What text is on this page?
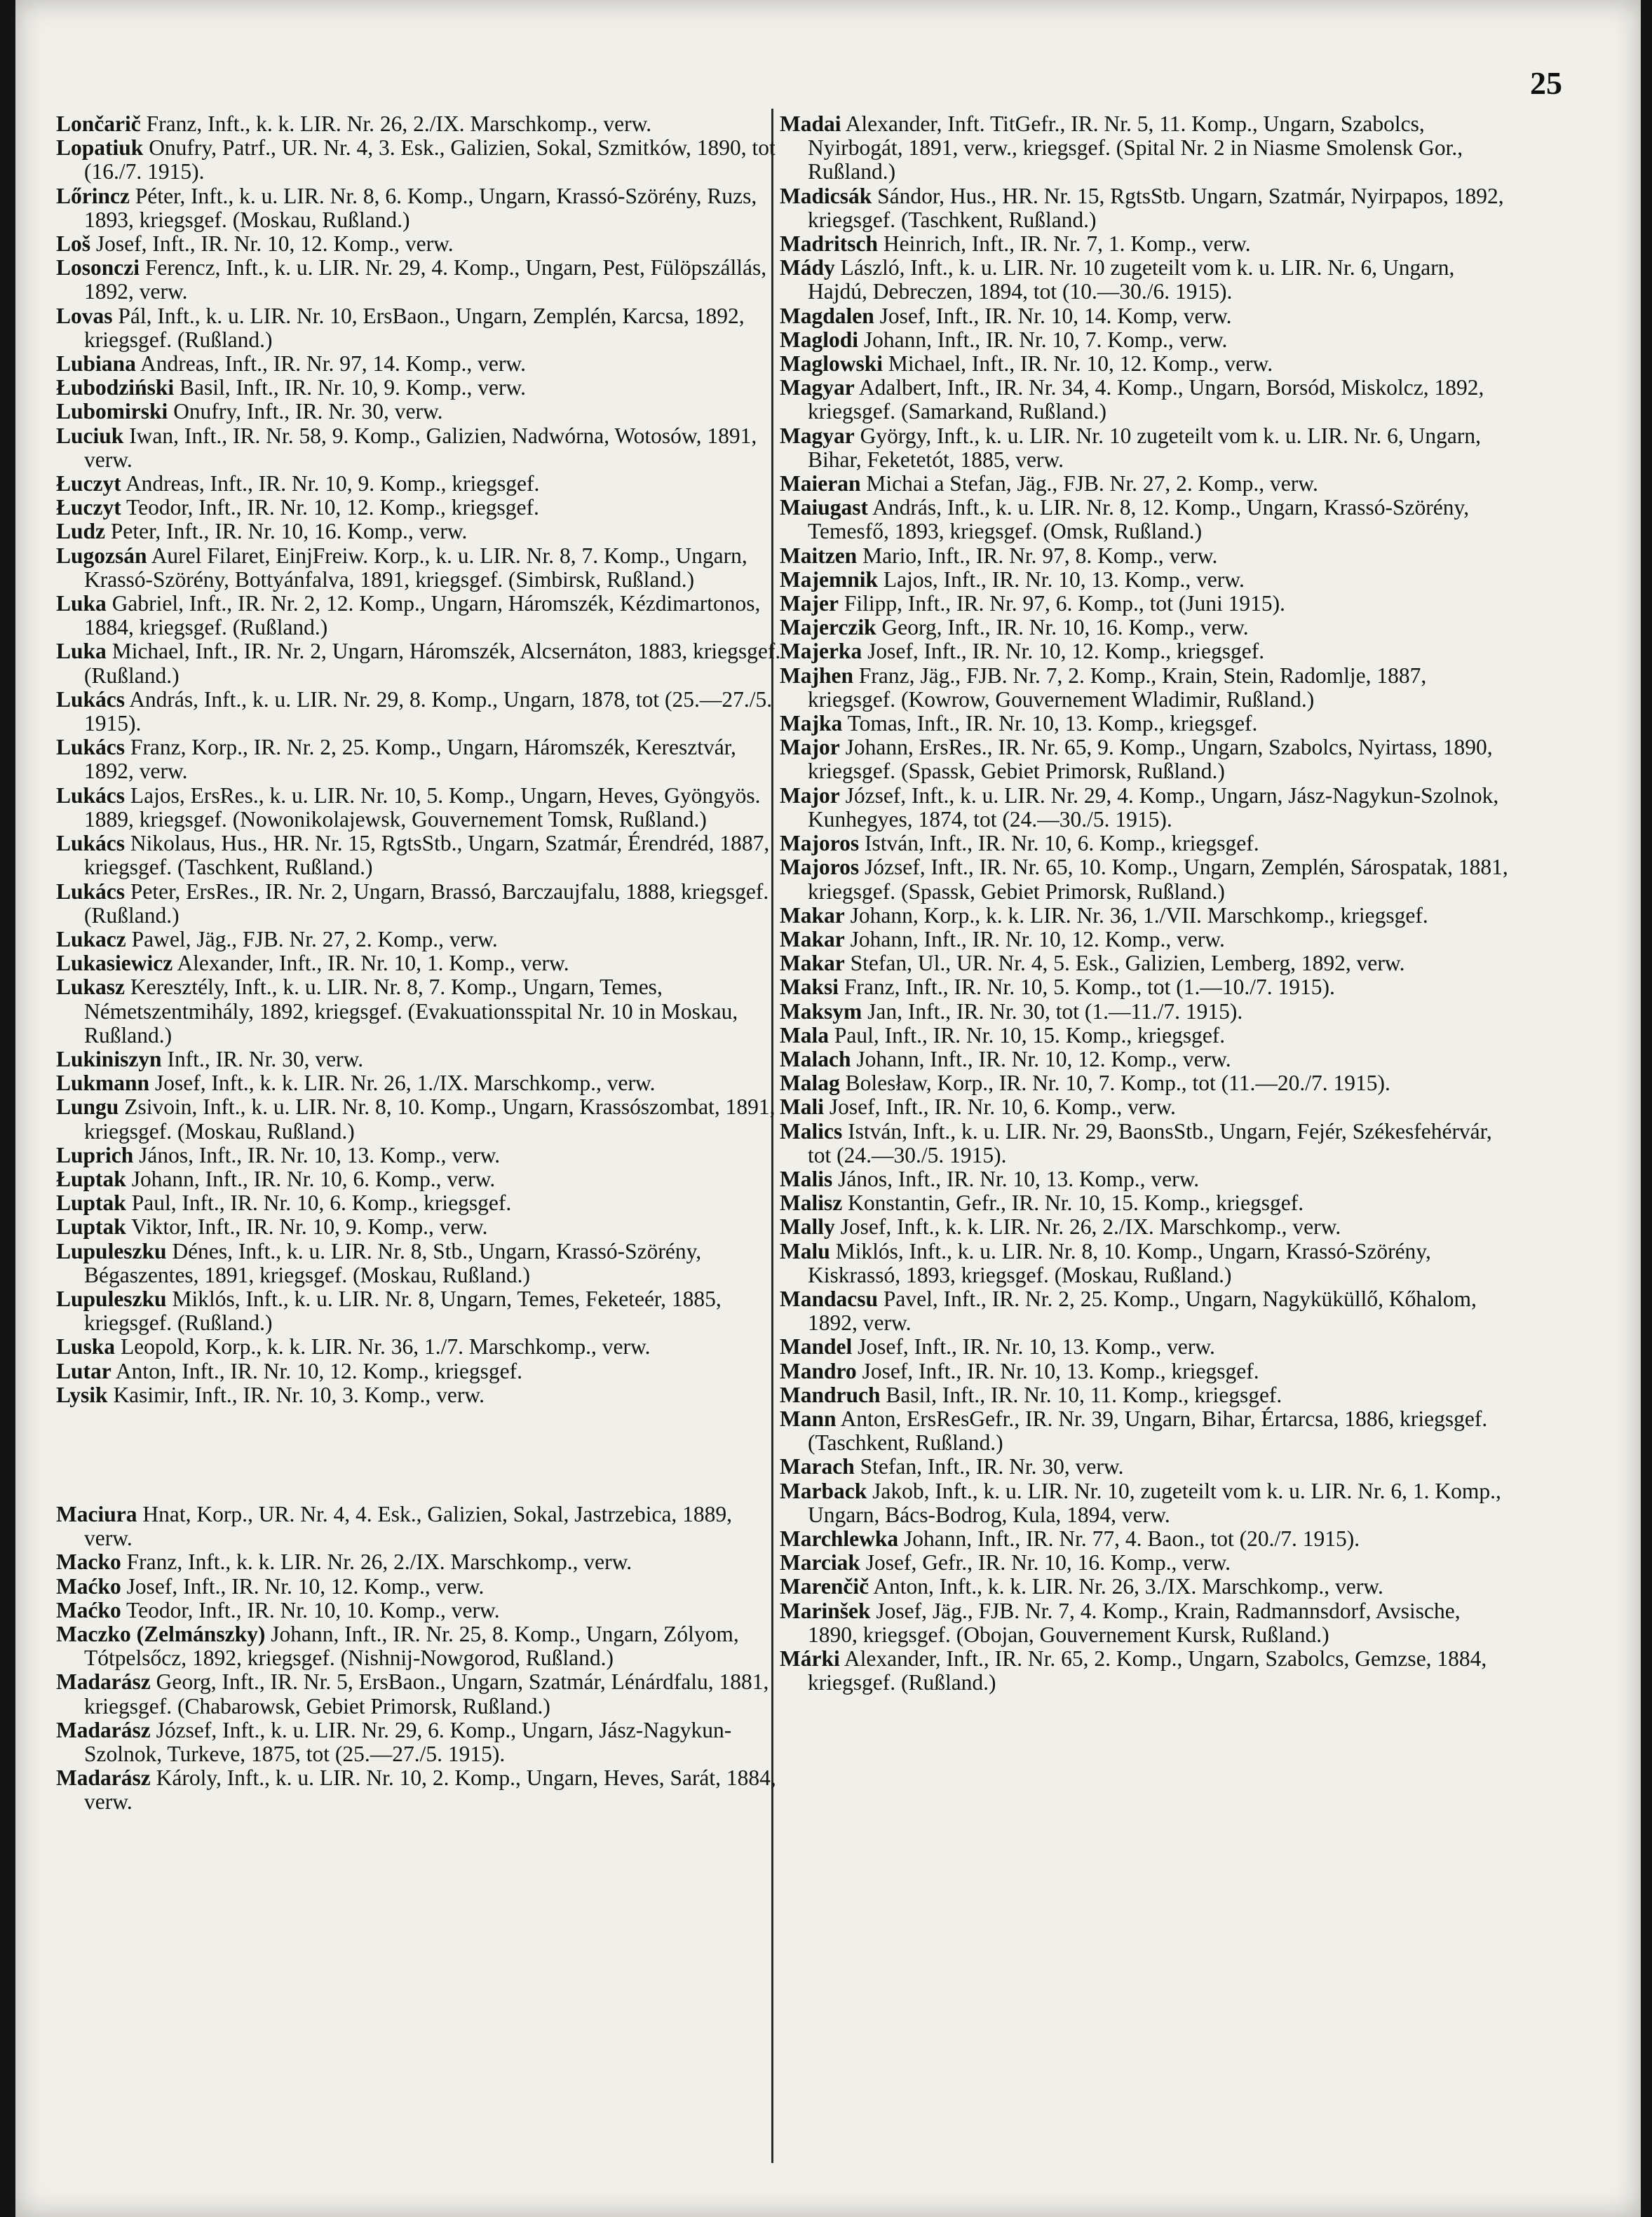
25

Lončarič Franz, Inft., k. k. LIR. Nr. 26, 2./IX. Marschkomp., verw.

Lopatiuk Onufry, Patrf., UR. Nr. 4, 3. Esk., Galizien, Sokal, Szmitków, 1890, tot (16./7. 1915).

Lőrincz Péter, Inft., k. u. LIR. Nr. 8, 6. Komp., Ungarn, Krassó-Szörény, Ruzs, 1893, kriegsgef. (Moskau, Rußland.)

Loš Josef, Inft., IR. Nr. 10, 12. Komp., verw.

Losonczi Ferencz, Inft., k. u. LIR. Nr. 29, 4. Komp., Ungarn, Pest, Fülöpszállás, 1892, verw.

Lovas Pál, Inft., k. u. LIR. Nr. 10, ErsBaon., Ungarn, Zemplén, Karcsa, 1892, kriegsgef. (Rußland.)

Lubiana Andreas, Inft., IR. Nr. 97, 14. Komp., verw.

Łubodziński Basil, Inft., IR. Nr. 10, 9. Komp., verw.

Lubomirski Onufry, Inft., IR. Nr. 30, verw.

Luciuk Iwan, Inft., IR. Nr. 58, 9. Komp., Galizien, Nadwórna, Wotosów, 1891, verw.

Łuczyt Andreas, Inft., IR. Nr. 10, 9. Komp., kriegsgef.

Łuczyt Teodor, Inft., IR. Nr. 10, 12. Komp., kriegsgef.

Ludz Peter, Inft., IR. Nr. 10, 16. Komp., verw.

Lugozsán Aurel Filaret, EinjFreiw. Korp., k. u. LIR. Nr. 8, 7. Komp., Ungarn, Krassó-Szörény, Bottyánfalva, 1891, kriegsgef. (Simbirsk, Rußland.)

Luka Gabriel, Inft., IR. Nr. 2, 12. Komp., Ungarn, Háromszék, Kézdimartonos, 1884, kriegsgef. (Rußland.)

Luka Michael, Inft., IR. Nr. 2, Ungarn, Háromszék, Alcsernáton, 1883, kriegsgef. (Rußland.)

Lukács András, Inft., k. u. LIR. Nr. 29, 8. Komp., Ungarn, 1878, tot (25.—27./5. 1915).

Lukács Franz, Korp., IR. Nr. 2, 25. Komp., Ungarn, Háromszék, Keresztvár, 1892, verw.

Lukács Lajos, ErsRes., k. u. LIR. Nr. 10, 5. Komp., Ungarn, Heves, Gyöngyös. 1889, kriegsgef. (Nowonikolajewsk, Gouvernement Tomsk, Rußland.)

Lukács Nikolaus, Hus., HR. Nr. 15, RgtsStb., Ungarn, Szatmár, Érendréd, 1887, kriegsgef. (Taschkent, Rußland.)

Lukács Peter, ErsRes., IR. Nr. 2, Ungarn, Brassó, Barczaujfalu, 1888, kriegsgef. (Rußland.)

Lukacz Pawel, Jäg., FJB. Nr. 27, 2. Komp., verw.

Lukasiewicz Alexander, Inft., IR. Nr. 10, 1. Komp., verw.

Lukasz Keresztély, Inft., k. u. LIR. Nr. 8, 7. Komp., Ungarn, Temes, Németszentmihály, 1892, kriegsgef. (Evakuationsspital Nr. 10 in Moskau, Rußland.)

Lukiniszyn Inft., IR. Nr. 30, verw.

Lukmann Josef, Inft., k. k. LIR. Nr. 26, 1./IX. Marschkomp., verw.

Lungu Zsivoin, Inft., k. u. LIR. Nr. 8, 10. Komp., Ungarn, Krassószombat, 1891, kriegsgef. (Moskau, Rußland.)

Luprich János, Inft., IR. Nr. 10, 13. Komp., verw.

Łuptak Johann, Inft., IR. Nr. 10, 6. Komp., verw.

Luptak Paul, Inft., IR. Nr. 10, 6. Komp., kriegsgef.

Luptak Viktor, Inft., IR. Nr. 10, 9. Komp., verw.

Lupuleszku Dénes, Inft., k. u. LIR. Nr. 8, Stb., Ungarn, Krassó-Szörény, Bégaszentes, 1891, kriegsgef. (Moskau, Rußland.)

Lupuleszku Miklós, Inft., k. u. LIR. Nr. 8, Ungarn, Temes, Feketeér, 1885, kriegsgef. (Rußland.)

Luska Leopold, Korp., k. k. LIR. Nr. 36, 1./7. Marschkomp., verw.

Lutar Anton, Inft., IR. Nr. 10, 12. Komp., kriegsgef.

Lysik Kasimir, Inft., IR. Nr. 10, 3. Komp., verw.

Maciura Hnat, Korp., UR. Nr. 4, 4. Esk., Galizien, Sokal, Jastrzebica, 1889, verw.

Macko Franz, Inft., k. k. LIR. Nr. 26, 2./IX. Marschkomp., verw.

Maćko Josef, Inft., IR. Nr. 10, 12. Komp., verw.

Maćko Teodor, Inft., IR. Nr. 10, 10. Komp., verw.

Maczko (Zelmánszky) Johann, Inft., IR. Nr. 25, 8. Komp., Ungarn, Zólyom, Tótpelsőcz, 1892, kriegsgef. (Nishnij-Nowgorod, Rußland.)

Madarász Georg, Inft., IR. Nr. 5, ErsBaon., Ungarn, Szatmár, Lénárdfalu, 1881, kriegsgef. (Chabarowsk, Gebiet Primorsk, Rußland.)

Madarász József, Inft., k. u. LIR. Nr. 29, 6. Komp., Ungarn, Jász-Nagykun-Szolnok, Turkeve, 1875, tot (25.—27./5. 1915).

Madarász Károly, Inft., k. u. LIR. Nr. 10, 2. Komp., Ungarn, Heves, Sarát, 1884, verw.

Madai Alexander, Inft. TitGefr., IR. Nr. 5, 11. Komp., Ungarn, Szabolcs, Nyirbogát, 1891, verw., kriegsgef. (Spital Nr. 2 in Niasme Smolensk Gor., Rußland.)

Madicsák Sándor, Hus., HR. Nr. 15, RgtsStb. Ungarn, Szatmár, Nyirpapos, 1892, kriegsgef. (Taschkent, Rußland.)

Madritsch Heinrich, Inft., IR. Nr. 7, 1. Komp., verw.

Mády László, Inft., k. u. LIR. Nr. 10 zugeteilt vom k. u. LIR. Nr. 6, Ungarn, Hajdú, Debreczen, 1894, tot (10.—30./6. 1915).

Magdalen Josef, Inft., IR. Nr. 10, 14. Komp, verw.

Maglodi Johann, Inft., IR. Nr. 10, 7. Komp., verw.

Maglowski Michael, Inft., IR. Nr. 10, 12. Komp., verw.

Magyar Adalbert, Inft., IR. Nr. 34, 4. Komp., Ungarn, Borsód, Miskolcz, 1892, kriegsgef. (Samarkand, Rußland.)

Magyar György, Inft., k. u. LIR. Nr. 10 zugeteilt vom k. u. LIR. Nr. 6, Ungarn, Bihar, Feketetót, 1885, verw.

Maieran Michai a Stefan, Jäg., FJB. Nr. 27, 2. Komp., verw.

Maiugast András, Inft., k. u. LIR. Nr. 8, 12. Komp., Ungarn, Krassó-Szörény, Temesfő, 1893, kriegsgef. (Omsk, Rußland.)

Maitzen Mario, Inft., IR. Nr. 97, 8. Komp., verw.

Majemnik Lajos, Inft., IR. Nr. 10, 13. Komp., verw.

Majer Filipp, Inft., IR. Nr. 97, 6. Komp., tot (Juni 1915).

Majerczik Georg, Inft., IR. Nr. 10, 16. Komp., verw.

Majerka Josef, Inft., IR. Nr. 10, 12. Komp., kriegsgef.

Majhen Franz, Jäg., FJB. Nr. 7, 2. Komp., Krain, Stein, Radomlje, 1887, kriegsgef. (Kowrow, Gouvernement Wladimir, Rußland.)

Majka Tomas, Inft., IR. Nr. 10, 13. Komp., kriegsgef.

Major Johann, ErsRes., IR. Nr. 65, 9. Komp., Ungarn, Szabolcs, Nyirtass, 1890, kriegsgef. (Spassk, Gebiet Primorsk, Rußland.)

Major József, Inft., k. u. LIR. Nr. 29, 4. Komp., Ungarn, Jász-Nagykun-Szolnok, Kunhegyes, 1874, tot (24.—30./5. 1915).

Majoros István, Inft., IR. Nr. 10, 6. Komp., kriegsgef.

Majoros József, Inft., IR. Nr. 65, 10. Komp., Ungarn, Zemplén, Sárospatak, 1881, kriegsgef. (Spassk, Gebiet Primorsk, Rußland.)

Makar Johann, Korp., k. k. LIR. Nr. 36, 1./VII. Marschkomp., kriegsgef.

Makar Johann, Inft., IR. Nr. 10, 12. Komp., verw.

Makar Stefan, Ul., UR. Nr. 4, 5. Esk., Galizien, Lemberg, 1892, verw.

Maksi Franz, Inft., IR. Nr. 10, 5. Komp., tot (1.—10./7. 1915).

Maksym Jan, Inft., IR. Nr. 30, tot (1.—11./7. 1915).

Mala Paul, Inft., IR. Nr. 10, 15. Komp., kriegsgef.

Malach Johann, Inft., IR. Nr. 10, 12. Komp., verw.

Malag Bolesław, Korp., IR. Nr. 10, 7. Komp., tot (11.—20./7. 1915).

Mali Josef, Inft., IR. Nr. 10, 6. Komp., verw.

Malics István, Inft., k. u. LIR. Nr. 29, BaonsStb., Ungarn, Fejér, Székesfehérvár, tot (24.—30./5. 1915).

Malis János, Inft., IR. Nr. 10, 13. Komp., verw.

Malisz Konstantin, Gefr., IR. Nr. 10, 15. Komp., kriegsgef.

Mally Josef, Inft., k. k. LIR. Nr. 26, 2./IX. Marschkomp., verw.

Malu Miklós, Inft., k. u. LIR. Nr. 8, 10. Komp., Ungarn, Krassó-Szörény, Kiskrassó, 1893, kriegsgef. (Moskau, Rußland.)

Mandacsu Pavel, Inft., IR. Nr. 2, 25. Komp., Ungarn, Nagyküküllő, Kőhalom, 1892, verw.

Mandel Josef, Inft., IR. Nr. 10, 13. Komp., verw.

Mandro Josef, Inft., IR. Nr. 10, 13. Komp., kriegsgef.

Mandruch Basil, Inft., IR. Nr. 10, 11. Komp., kriegsgef.

Mann Anton, ErsResGefr., IR. Nr. 39, Ungarn, Bihar, Értarcsa, 1886, kriegsgef. (Taschkent, Rußland.)

Marach Stefan, Inft., IR. Nr. 30, verw.

Marback Jakob, Inft., k. u. LIR. Nr. 10, zugeteilt vom k. u. LIR. Nr. 6, 1. Komp., Ungarn, Bács-Bodrog, Kula, 1894, verw.

Marchlewka Johann, Inft., IR. Nr. 77, 4. Baon., tot (20./7. 1915).

Marciak Josef, Gefr., IR. Nr. 10, 16. Komp., verw.

Marenčič Anton, Inft., k. k. LIR. Nr. 26, 3./IX. Marschkomp., verw.

Marinšek Josef, Jäg., FJB. Nr. 7, 4. Komp., Krain, Radmannsdorf, Avsische, 1890, kriegsgef. (Obojan, Gouvernement Kursk, Rußland.)

Márki Alexander, Inft., IR. Nr. 65, 2. Komp., Ungarn, Szabolcs, Gemzse, 1884, kriegsgef. (Rußland.)
